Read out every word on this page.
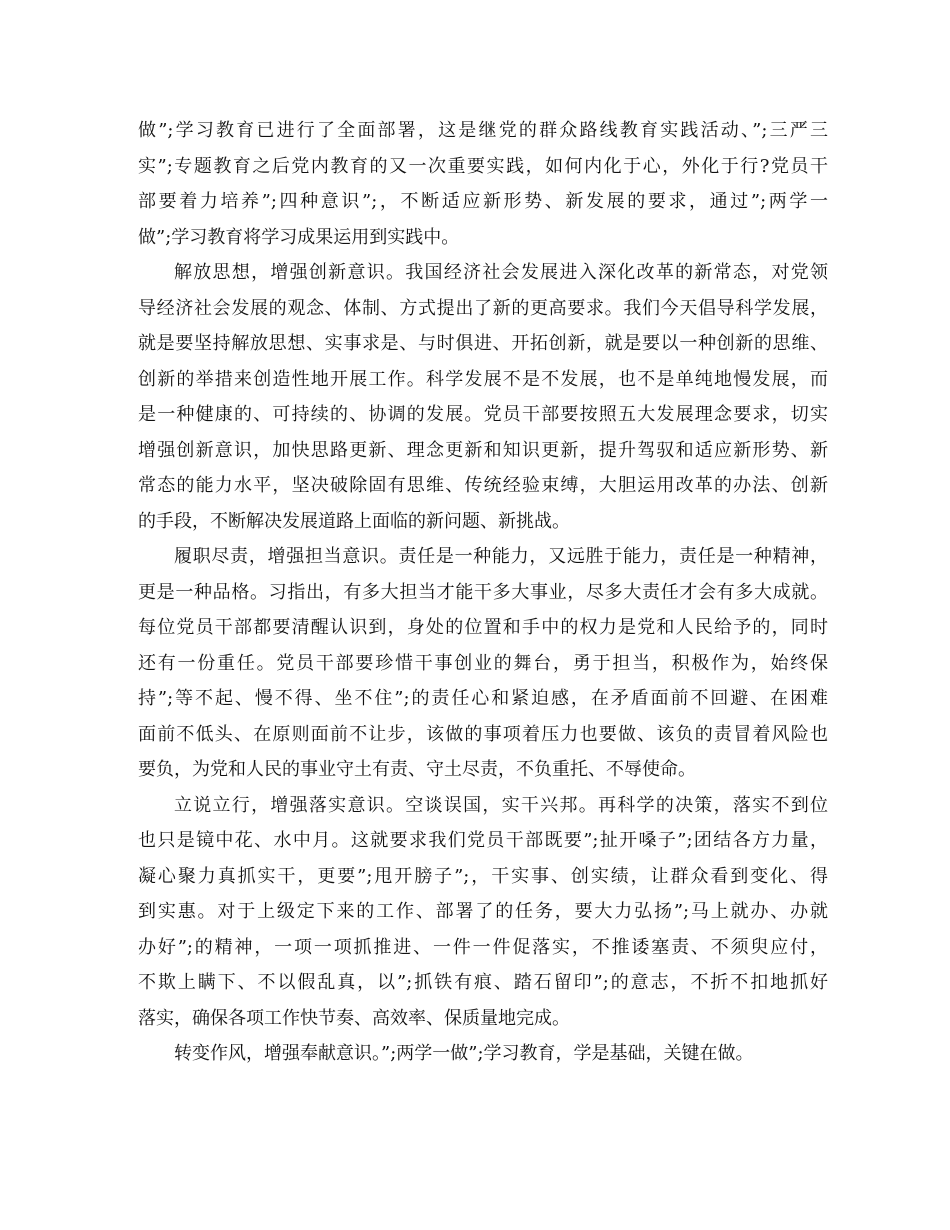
做”;学习教育已进行了全面部署，这是继党的群众路线教育实践活动、”;三严三
实”;专题教育之后党内教育的又一次重要实践，如何内化于心，外化于行?党员干
部要着力培养”;四种意识”;，不断适应新形势、新发展的要求，通过”;两学一
做”;学习教育将学习成果运用到实践中。
解放思想，增强创新意识。我国经济社会发展进入深化改革的新常态，对党领
导经济社会发展的观念、体制、方式提出了新的更高要求。我们今天倡导科学发展，
就是要坚持解放思想、实事求是、与时俱进、开拓创新，就是要以一种创新的思维、
创新的举措来创造性地开展工作。科学发展不是不发展，也不是单纯地慢发展，而
是一种健康的、可持续的、协调的发展。党员干部要按照五大发展理念要求，切实
增强创新意识，加快思路更新、理念更新和知识更新，提升驾驭和适应新形势、新
常态的能力水平，坚决破除固有思维、传统经验束缚，大胆运用改革的办法、创新
的手段，不断解决发展道路上面临的新问题、新挑战。
履职尽责，增强担当意识。责任是一种能力，又远胜于能力，责任是一种精神，
更是一种品格。习指出，有多大担当才能干多大事业，尽多大责任才会有多大成就。
每位党员干部都要清醒认识到，身处的位置和手中的权力是党和人民给予的，同时
还有一份重任。党员干部要珍惜干事创业的舞台，勇于担当，积极作为，始终保
持”;等不起、慢不得、坐不住”;的责任心和紧迫感，在矛盾面前不回避、在困难
面前不低头、在原则面前不让步，该做的事项着压力也要做、该负的责冒着风险也
要负，为党和人民的事业守土有责、守土尽责，不负重托、不辱使命。
立说立行，增强落实意识。空谈误国，实干兴邦。再科学的决策，落实不到位
也只是镜中花、水中月。这就要求我们党员干部既要”;扯开嗓子”;团结各方力量，
凝心聚力真抓实干，更要”;甩开膀子”;，干实事、创实绩，让群众看到变化、得
到实惠。对于上级定下来的工作、部署了的任务，要大力弘扬”;马上就办、办就
办好”;的精神，一项一项抓推进、一件一件促落实，不推诿塞责、不须臾应付，
不欺上瞒下、不以假乱真，以”;抓铁有痕、踏石留印”;的意志，不折不扣地抓好
落实，确保各项工作快节奏、高效率、保质量地完成。
转变作风，增强奉献意识。”;两学一做”;学习教育，学是基础，关键在做。
